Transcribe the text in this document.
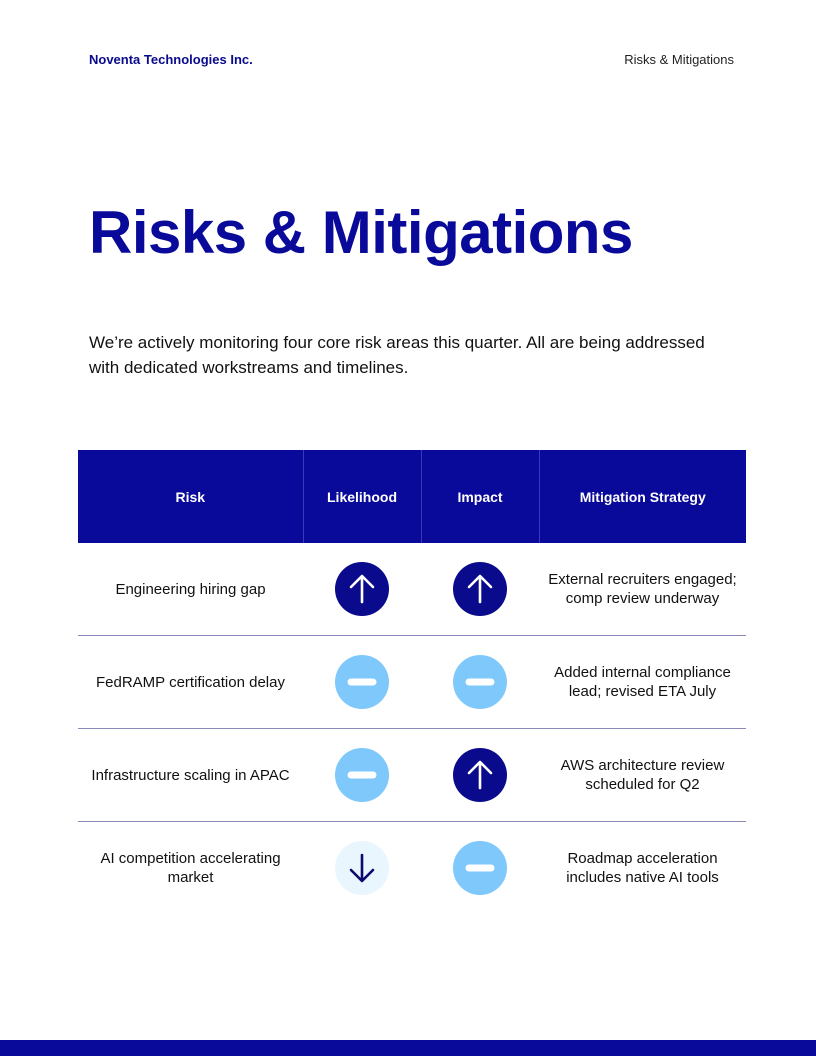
Noventa Technologies Inc.	Risks & Mitigations
Risks & Mitigations

We’re actively monitoring four core risk areas this quarter. All are being addressed with dedicated workstreams and timelines.

Risk	Likelihood	Impact	Mitigation Strategy
Engineering hiring gap			External recruiters engaged; comp review underway
FedRAMP certification delay			Added internal compliance lead; revised ETA July
Infrastructure scaling in APAC			AWS architecture review scheduled for Q2
AI competition accelerating market			Roadmap acceleration includes native AI tools
